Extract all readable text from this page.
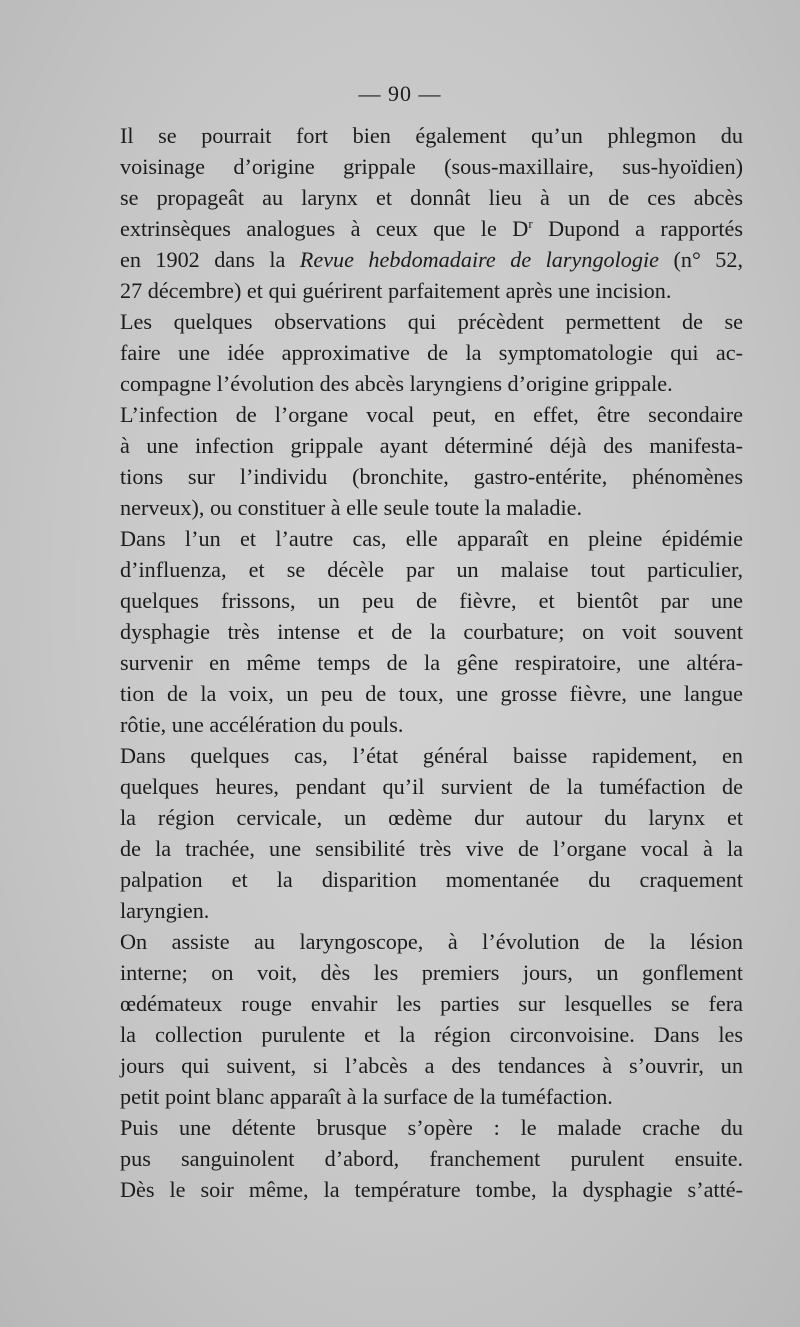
— 90 —

Il se pourrait fort bien également qu’un phlegmon du
voisinage d’origine grippale (sous-maxillaire, sus-hyoïdien)
se propageât au larynx et donnât lieu à un de ces abcès
extrinsèques analogues à ceux que le $D^r$ Dupond a rapportés
en 1902 dans la Revue hebdomadaire de laryngologie (n° 52,
27 décembre) et qui guérirent parfaitement après une incision.

Les quelques observations qui précèdent permettent de se
faire une idée approximative de la symptomatologie qui ac-
compagne l’évolution des abcès laryngiens d’origine grippale.

L’infection de l’organe vocal peut, en effet, être secondaire
à une infection grippale ayant déterminé déjà des manifesta-
tions sur l’individu (bronchite, gastro-entérite, phénomènes
nerveux), ou constituer à elle seule toute la maladie.

Dans l’un et l’autre cas, elle apparaît en pleine épidémie
d’influenza, et se décèle par un malaise tout particulier,
quelques frissons, un peu de fièvre, et bientôt par une
dysphagie très intense et de la courbature; on voit souvent
survenir en même temps de la gêne respiratoire, une altéra-
tion de la voix, un peu de toux, une grosse fièvre, une langue
rôtie, une accélération du pouls.

Dans quelques cas, l’état général baisse rapidement, en
quelques heures, pendant qu’il survient de la tuméfaction de
la région cervicale, un œdème dur autour du larynx et
de la trachée, une sensibilité très vive de l’organe vocal à la
palpation et la disparition momentanée du craquement
laryngien.

On assiste au laryngoscope, à l’évolution de la lésion
interne; on voit, dès les premiers jours, un gonflement
œdémateux rouge envahir les parties sur lesquelles se fera
la collection purulente et la région circonvoisine. Dans les
jours qui suivent, si l’abcès a des tendances à s’ouvrir, un
petit point blanc apparaît à la surface de la tuméfaction.

Puis une détente brusque s’opère : le malade crache du
pus sanguinolent d’abord, franchement purulent ensuite.
Dès le soir même, la température tombe, la dysphagie s’atté-
